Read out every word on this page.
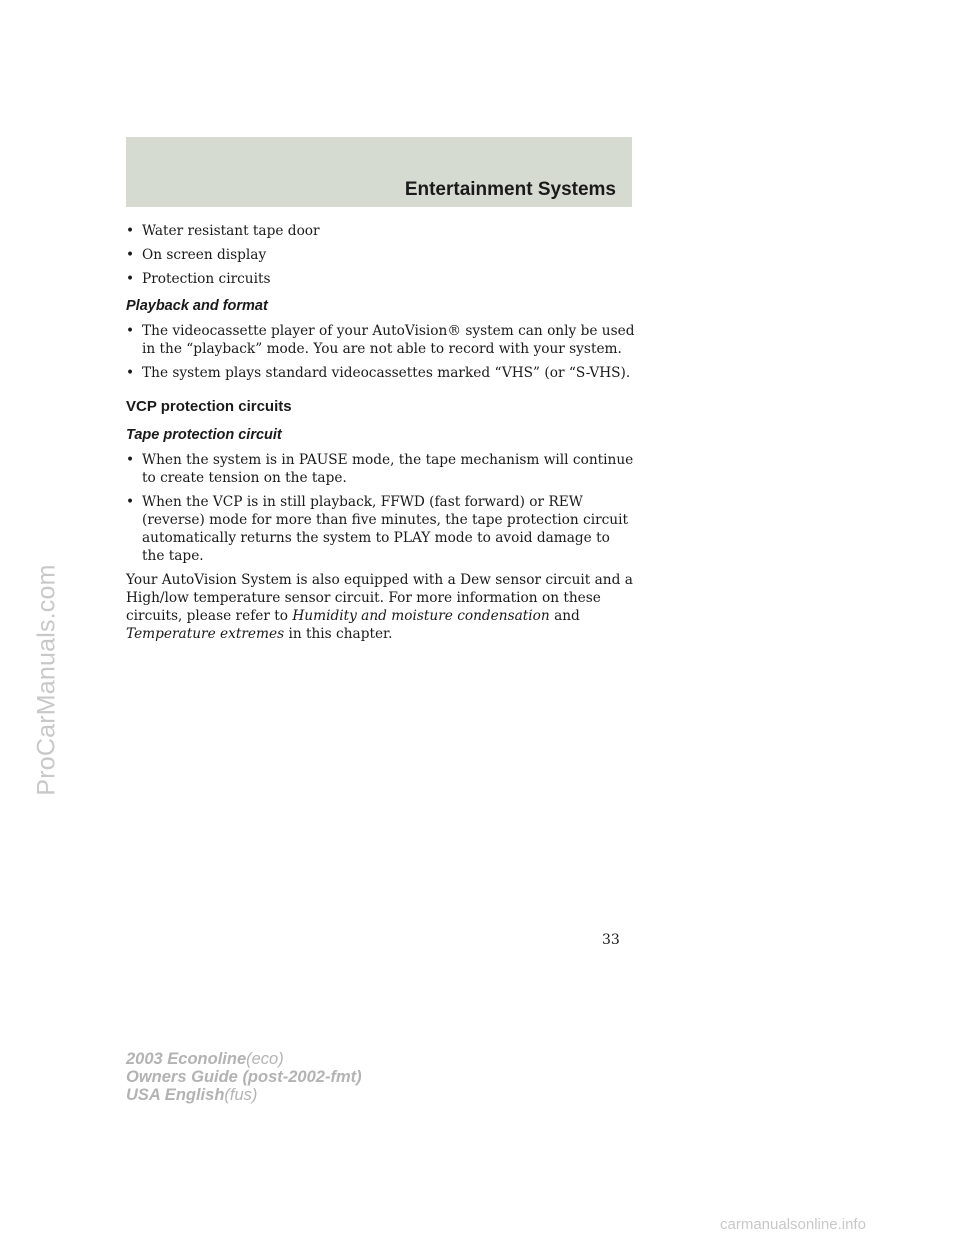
Entertainment Systems
ProCarManuals.com
• Water resistant tape door
• On screen display
• Protection circuits
Playback and format
• The videocassette player of your AutoVision® system can only be used in the “playback” mode. You are not able to record with your system.
• The system plays standard videocassettes marked “VHS” (or “S-VHS).
VCP protection circuits
Tape protection circuit
• When the system is in PAUSE mode, the tape mechanism will continue to create tension on the tape.
• When the VCP is in still playback, FFWD (fast forward) or REW (reverse) mode for more than five minutes, the tape protection circuit automatically returns the system to PLAY mode to avoid damage to the tape.

Your AutoVision System is also equipped with a Dew sensor circuit and a High/low temperature sensor circuit. For more information on these circuits, please refer to Humidity and moisture condensation and Temperature extremes in this chapter.

33
2003 Econoline(eco)
Owners Guide (post-2002-fmt)
USA English(fus)
carmanualsonline.info
